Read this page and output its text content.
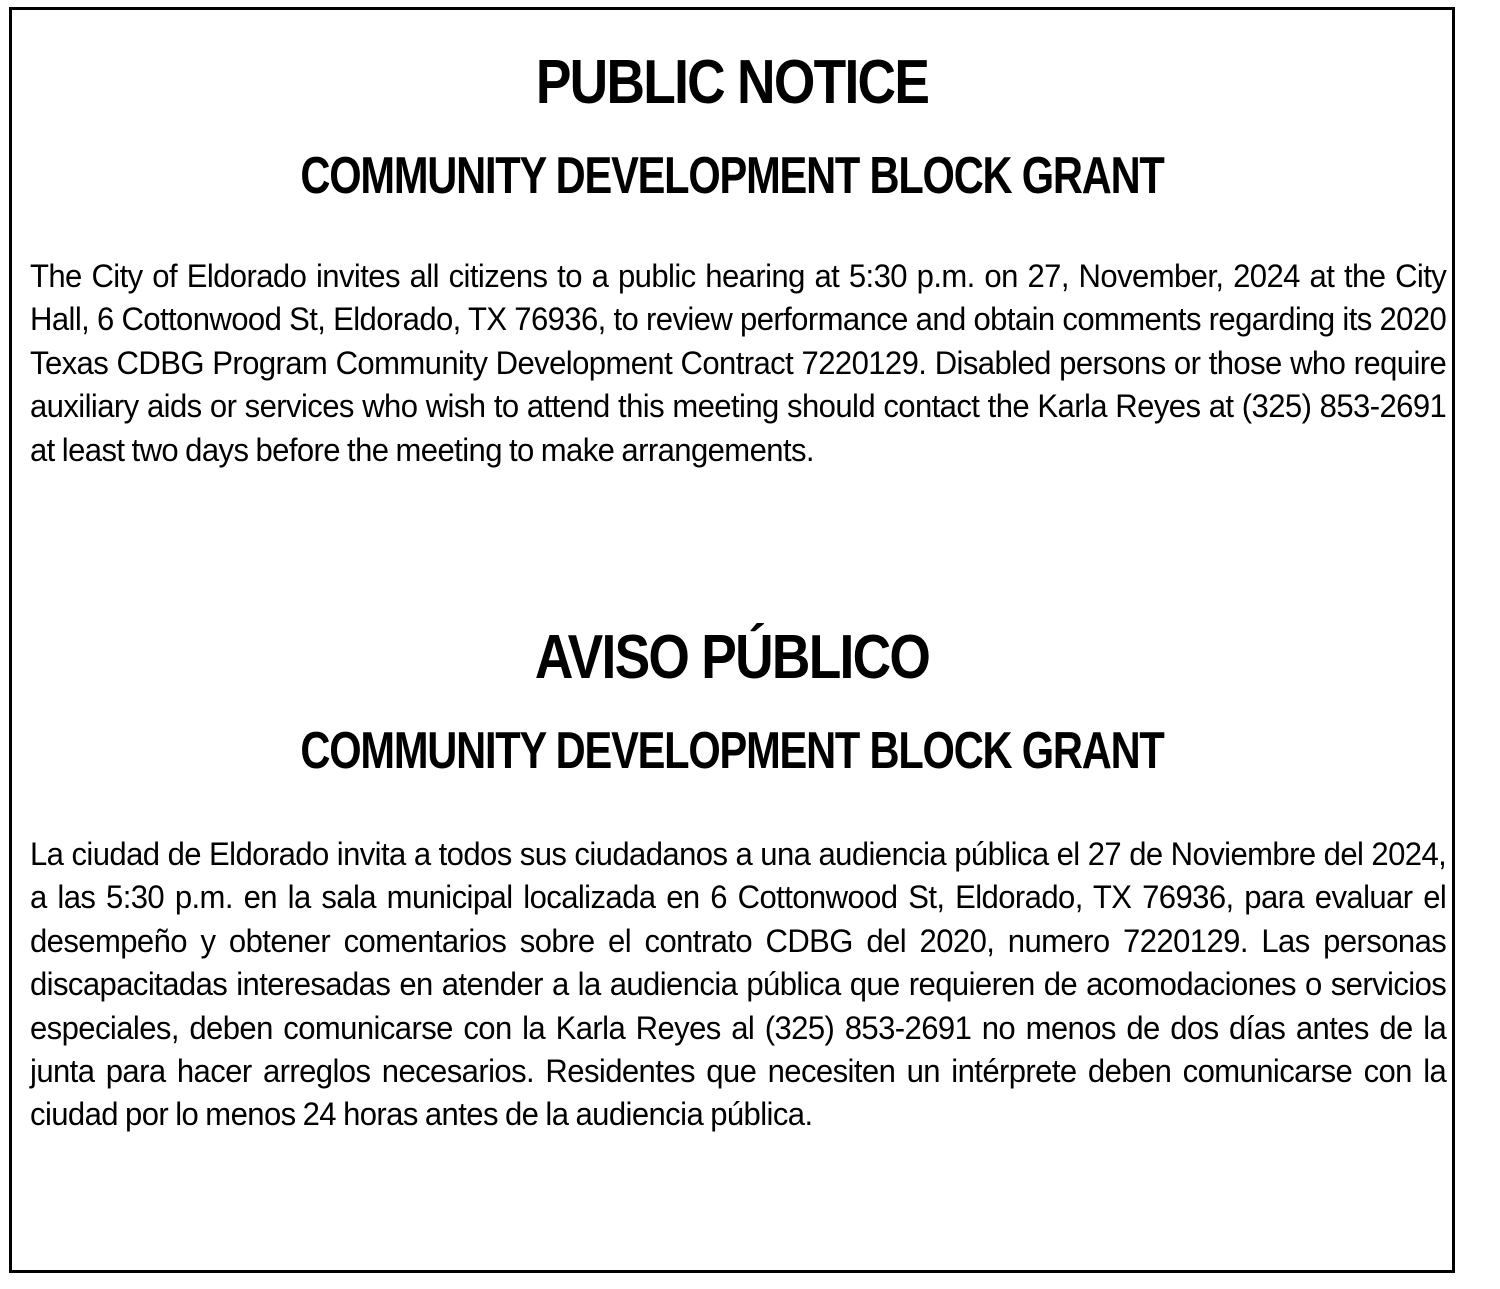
PUBLIC NOTICE
COMMUNITY DEVELOPMENT BLOCK GRANT

The City of Eldorado invites all citizens to a public hearing at 5:30 p.m. on 27, November, 2024 at the City Hall, 6 Cottonwood St, Eldorado, TX 76936, to review performance and obtain comments regarding its 2020 Texas CDBG Program Community Development Contract 7220129. Disabled persons or those who require auxiliary aids or services who wish to attend this meeting should contact the Karla Reyes at (325) 853-2691 at least two days before the meeting to make arrangements.

AVISO PÚBLICO
COMMUNITY DEVELOPMENT BLOCK GRANT

La ciudad de Eldorado invita a todos sus ciudadanos a una audiencia pública el 27 de Noviembre del 2024, a las 5:30 p.m. en la sala municipal localizada en 6 Cottonwood St, Eldorado, TX 76936, para evaluar el desempeño y obtener comentarios sobre el contrato CDBG del 2020, numero 7220129. Las personas discapacitadas interesadas en atender a la audiencia pública que requieren de acomodaciones o servicios especiales, deben comunicarse con la Karla Reyes al (325) 853-2691 no menos de dos días antes de la junta para hacer arreglos necesarios. Residentes que necesiten un intérprete deben comunicarse con la ciudad por lo menos 24 horas antes de la audiencia pública.
